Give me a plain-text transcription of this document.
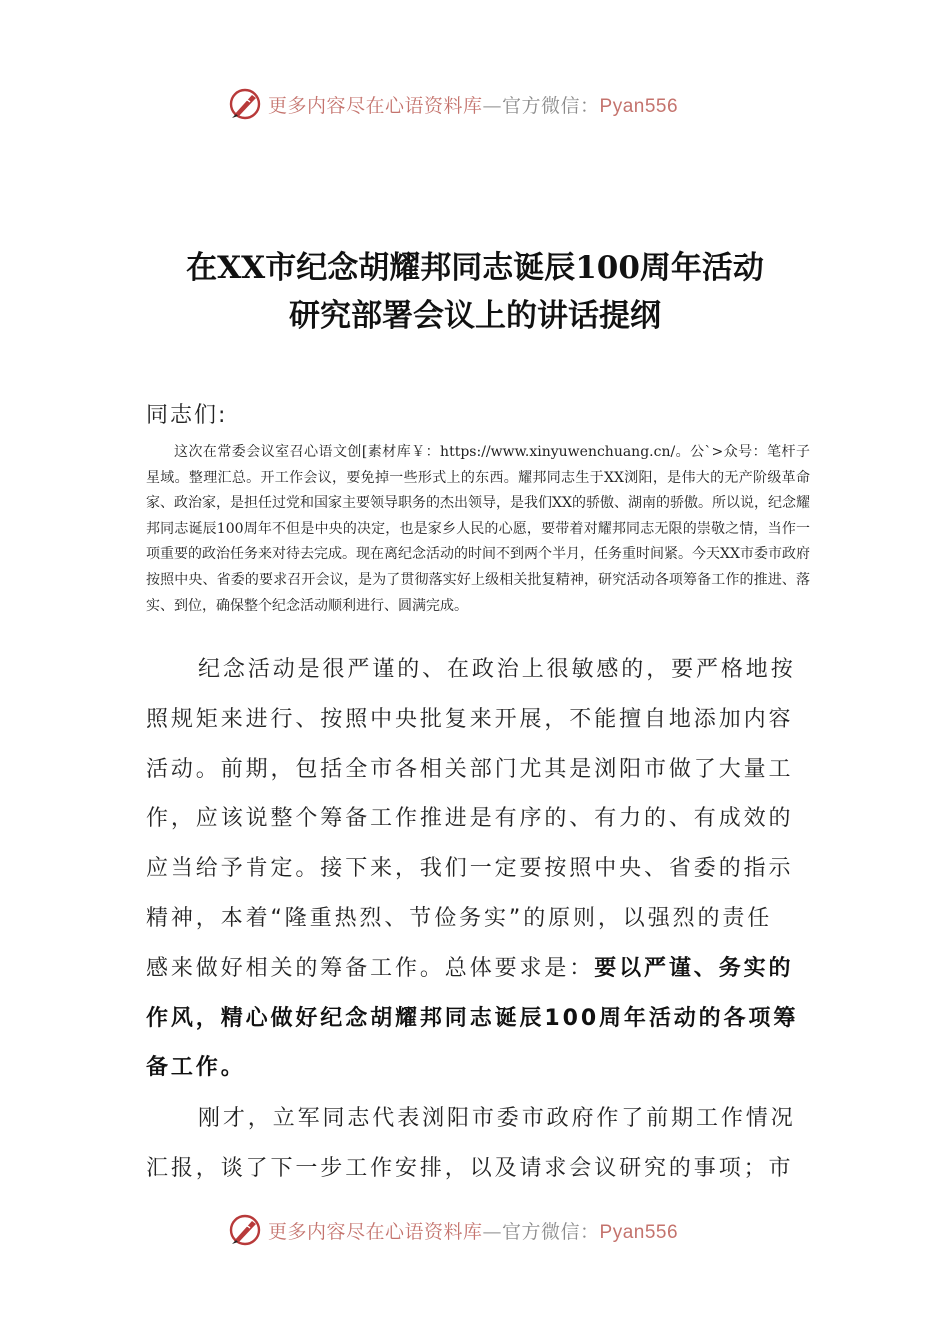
更多内容尽在心语资料库—官方微信：Pyan556
在XX市纪念胡耀邦同志诞辰100周年活动
研究部署会议上的讲话提纲
同志们:
这次在常委会议室召心语文创[素材库￥：https://www.xinyuwenchuang.cn/。公`>众号：笔杆子星域。整理汇总。开工作会议，要免掉一些形式上的东西。耀邦同志生于XX浏阳，是伟大的无产阶级革命家、政治家，是担任过党和国家主要领导职务的杰出领导，是我们XX的骄傲、湖南的骄傲。所以说，纪念耀邦同志诞辰100周年不但是中央的决定，也是家乡人民的心愿，要带着对耀邦同志无限的崇敬之情，当作一项重要的政治任务来对待去完成。现在离纪念活动的时间不到两个半月，任务重时间紧。今天XX市委市政府按照中央、省委的要求召开会议，是为了贯彻落实好上级相关批复精神，研究活动各项筹备工作的推进、落实、到位，确保整个纪念活动顺利进行、圆满完成。
纪念活动是很严谨的、在政治上很敏感的，要严格地按
照规矩来进行、按照中央批复来开展，不能擅自地添加内容
活动。前期，包括全市各相关部门尤其是浏阳市做了大量工
作，应该说整个筹备工作推进是有序的、有力的、有成效的
应当给予肯定。接下来，我们一定要按照中央、省委的指示
精神，本着“隆重热烈、节俭务实”的原则，以强烈的责任
感来做好相关的筹备工作。总体要求是：要以严谨、务实的
作风，精心做好纪念胡耀邦同志诞辰100周年活动的各项筹
备工作。
刚才，立军同志代表浏阳市委市政府作了前期工作情况
汇报，谈了下一步工作安排，以及请求会议研究的事项；市
更多内容尽在心语资料库—官方微信：Pyan556
